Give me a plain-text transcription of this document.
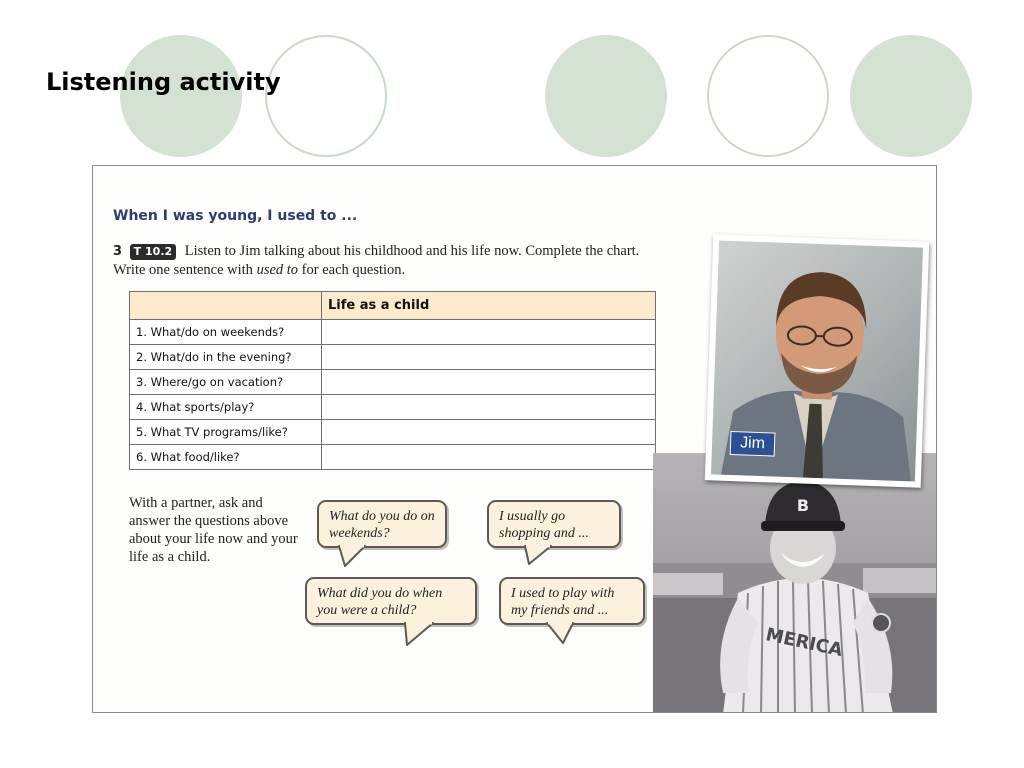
Listening activity
When I was young, I used to ...
3 T 10.2 Listen to Jim talking about his childhood and his life now. Complete the chart. Write one sentence with used to for each question.
	Life as a child
1. What/do on weekends?	
2. What/do in the evening?	
3. Where/go on vacation?	
4. What sports/play?	
5. What TV programs/like?	
6. What food/like?	
With a partner, ask and answer the questions above about your life now and your life as a child.
B
MERICA
Jim
What do you do on weekends?
I usually go shopping and ...
What did you do when you were a child?
I used to play with my friends and ...
